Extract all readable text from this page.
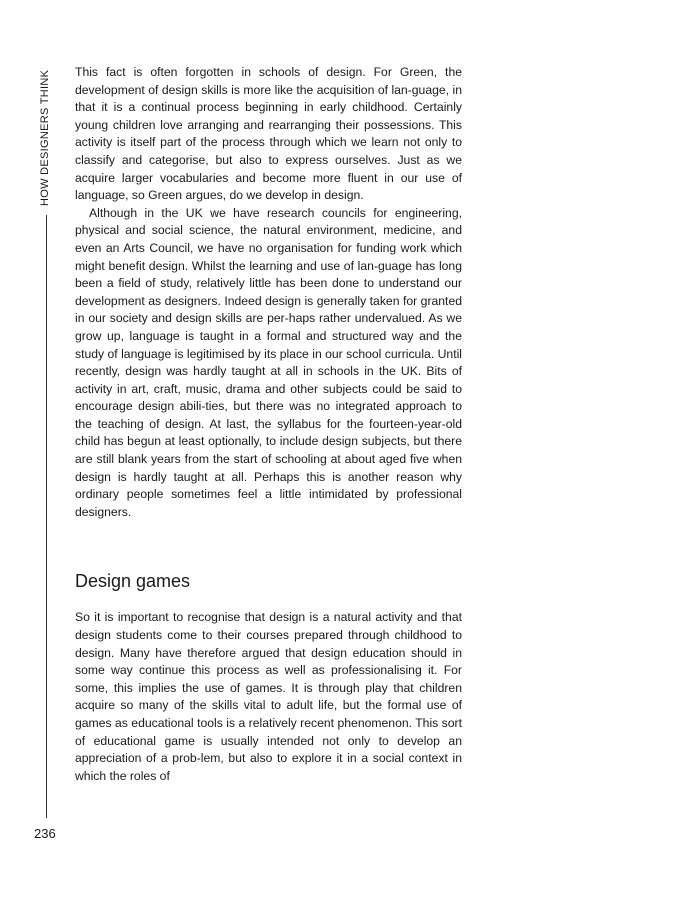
HOW DESIGNERS THINK
236

This fact is often forgotten in schools of design. For Green, the development of design skills is more like the acquisition of lan-guage, in that it is a continual process beginning in early childhood. Certainly young children love arranging and rearranging their possessions. This activity is itself part of the process through which we learn not only to classify and categorise, but also to express ourselves. Just as we acquire larger vocabularies and become more fluent in our use of language, so Green argues, do we develop in design.

Although in the UK we have research councils for engineering, physical and social science, the natural environment, medicine, and even an Arts Council, we have no organisation for funding work which might benefit design. Whilst the learning and use of lan-guage has long been a field of study, relatively little has been done to understand our development as designers. Indeed design is generally taken for granted in our society and design skills are per-haps rather undervalued. As we grow up, language is taught in a formal and structured way and the study of language is legitimised by its place in our school curricula. Until recently, design was hardly taught at all in schools in the UK. Bits of activity in art, craft, music, drama and other subjects could be said to encourage design abili-ties, but there was no integrated approach to the teaching of design. At last, the syllabus for the fourteen-year-old child has begun at least optionally, to include design subjects, but there are still blank years from the start of schooling at about aged five when design is hardly taught at all. Perhaps this is another reason why ordinary people sometimes feel a little intimidated by professional designers.

Design games

So it is important to recognise that design is a natural activity and that design students come to their courses prepared through childhood to design. Many have therefore argued that design education should in some way continue this process as well as professionalising it. For some, this implies the use of games. It is through play that children acquire so many of the skills vital to adult life, but the formal use of games as educational tools is a relatively recent phenomenon. This sort of educational game is usually intended not only to develop an appreciation of a prob-lem, but also to explore it in a social context in which the roles of
